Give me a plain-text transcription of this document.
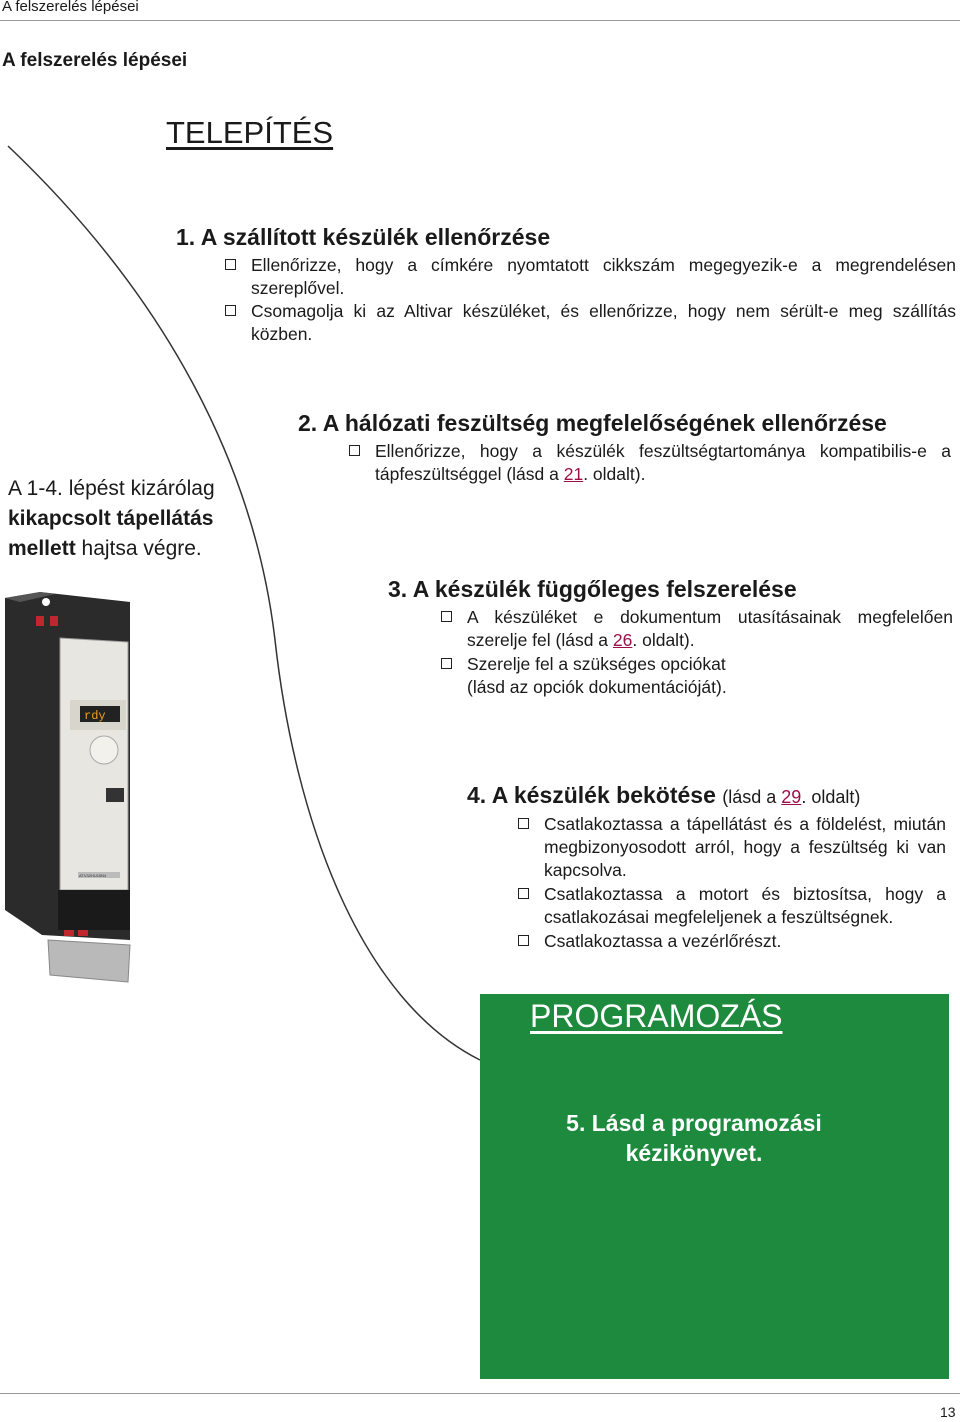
A felszerelés lépései
A felszerelés lépései
TELEPÍTÉS
1. A szállított készülék ellenőrzése
Ellenőrizze, hogy a címkére nyomtatott cikkszám megegyezik-e a megrendelésen szereplővel.
Csomagolja ki az Altivar készüléket, és ellenőrizze, hogy nem sérült-e meg szállítás közben.
2. A hálózati feszültség megfelelőségének ellenőrzése
Ellenőrizze, hogy a készülék feszültségtartománya kompatibilis-e a tápfeszültséggel (lásd a 21. oldalt).
3. A készülék függőleges felszerelése
A készüléket e dokumentum utasításainak megfelelően szerelje fel (lásd a 26. oldalt).
Szerelje fel a szükséges opciókat (lásd az opciók dokumentációját).
4. A készülék bekötése (lásd a 29. oldalt)
Csatlakoztassa a tápellátást és a földelést, miután megbizonyosodott arról, hogy a feszültség ki van kapcsolva.
Csatlakoztassa a motort és biztosítsa, hogy a csatlakozásai megfeleljenek a feszültségnek.
Csatlakoztassa a vezérlőrészt.
A 1-4. lépést kizárólag
kikapcsolt tápellátás
mellett hajtsa végre.
rdy
ATV32HU15N4
PROGRAMOZÁS
5. Lásd a programozási
kézikönyvet.
13
